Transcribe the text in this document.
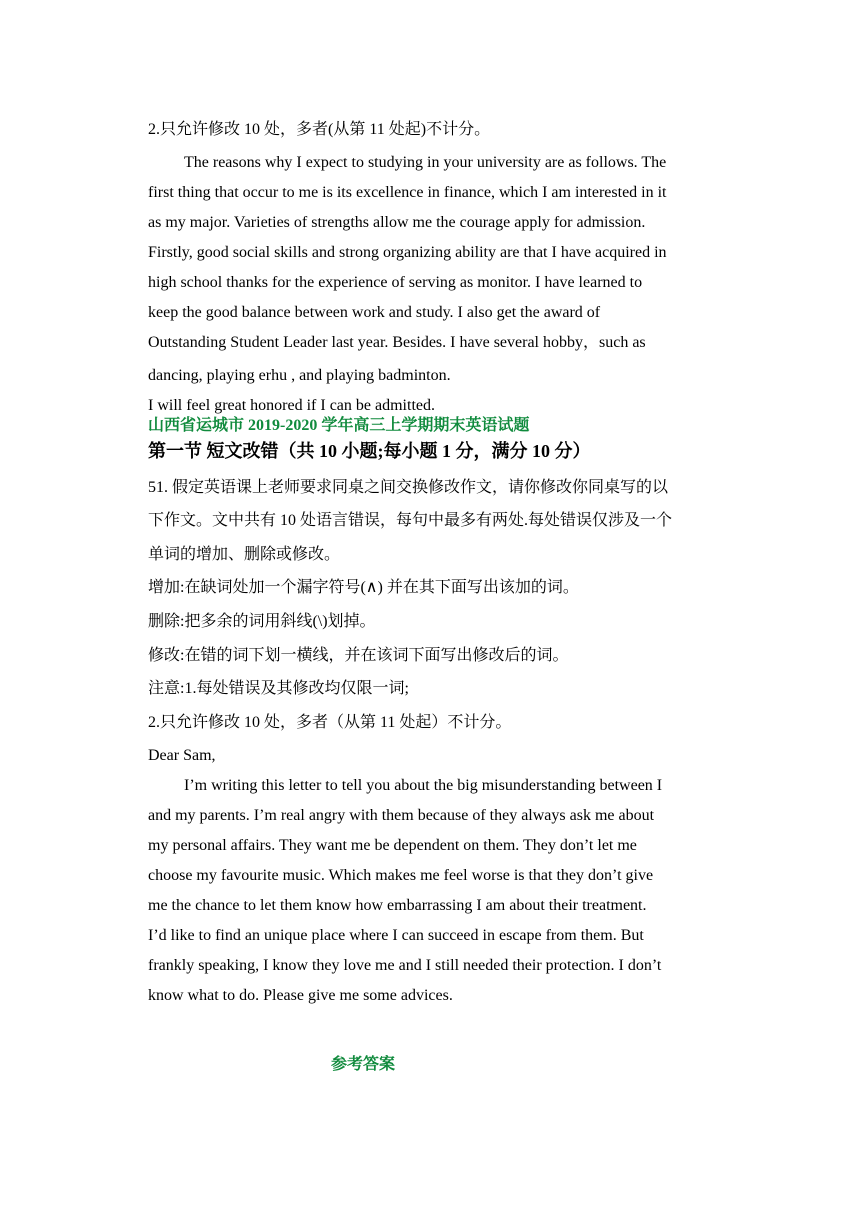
2.只允许修改 10 处，多者(从第 11 处起)不计分。
The reasons why I expect to studying in your university are as follows. The
first thing that occur to me is its excellence in finance, which I am interested in it
as my major. Varieties of strengths allow me the courage apply for admission.
Firstly, good social skills and strong organizing ability are that I have acquired in
high school thanks for the experience of serving as monitor. I have learned to
keep the good balance between work and study. I also get the award of
Outstanding Student Leader last year. Besides. I have several hobby，such as
dancing, playing erhu , and playing badminton.
I will feel great honored if I can be admitted.
山西省运城市 2019-2020 学年高三上学期期末英语试题
第一节 短文改错（共 10 小题;每小题 1 分，满分 10 分）
51. 假定英语课上老师要求同桌之间交换修改作文，请你修改你同桌写的以
下作文。文中共有 10 处语言错误，每句中最多有两处.每处错误仅涉及一个
单词的增加、删除或修改。
增加:在缺词处加一个漏字符号(∧) 并在其下面写出该加的词。
删除:把多余的词用斜线(\)划掉。
修改:在错的词下划一横线，并在该词下面写出修改后的词。
注意:1.每处错误及其修改均仅限一词;
2.只允许修改 10 处，多者（从第 11 处起）不计分。
Dear Sam,
I’m writing this letter to tell you about the big misunderstanding between I
and my parents. I’m real angry with them because of they always ask me about
my personal affairs. They want me be dependent on them. They don’t let me
choose my favourite music. Which makes me feel worse is that they don’t give
me the chance to let them know how embarrassing I am about their treatment.
I’d like to find an unique place where I can succeed in escape from them. But
frankly speaking, I know they love me and I still needed their protection. I don’t
know what to do. Please give me some advices.
参考答案
